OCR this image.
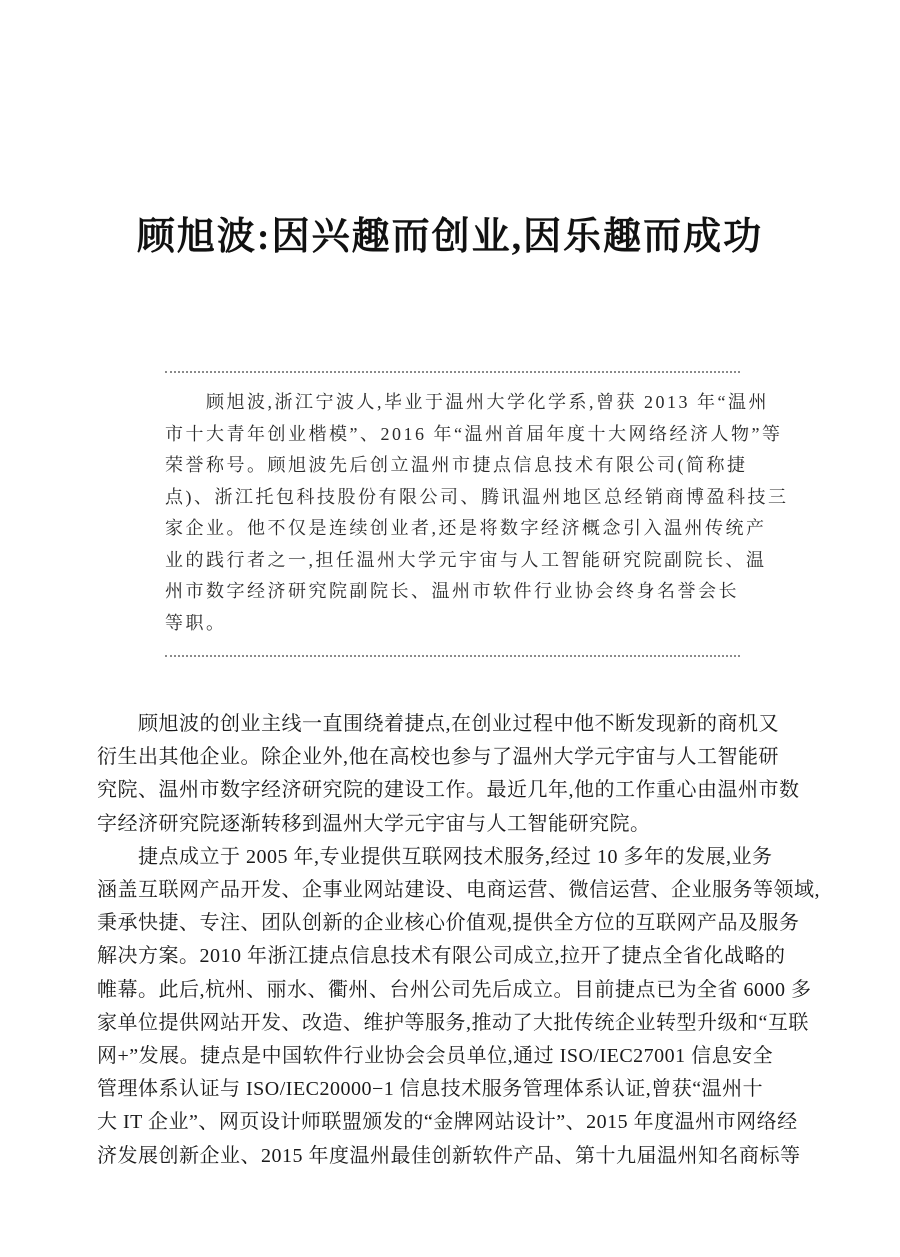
顾旭波:因兴趣而创业,因乐趣而成功
　　顾旭波,浙江宁波人,毕业于温州大学化学系,曾获 2013 年“温州
市十大青年创业楷模”、2016 年“温州首届年度十大网络经济人物”等
荣誉称号。顾旭波先后创立温州市捷点信息技术有限公司(简称捷
点)、浙江托包科技股份有限公司、腾讯温州地区总经销商博盈科技三
家企业。他不仅是连续创业者,还是将数字经济概念引入温州传统产
业的践行者之一,担任温州大学元宇宙与人工智能研究院副院长、温
州市数字经济研究院副院长、温州市软件行业协会终身名誉会长
等职。
　　顾旭波的创业主线一直围绕着捷点,在创业过程中他不断发现新的商机又
衍生出其他企业。除企业外,他在高校也参与了温州大学元宇宙与人工智能研
究院、温州市数字经济研究院的建设工作。最近几年,他的工作重心由温州市数
字经济研究院逐渐转移到温州大学元宇宙与人工智能研究院。
　　捷点成立于 2005 年,专业提供互联网技术服务,经过 10 多年的发展,业务
涵盖互联网产品开发、企事业网站建设、电商运营、微信运营、企业服务等领域,
秉承快捷、专注、团队创新的企业核心价值观,提供全方位的互联网产品及服务
解决方案。2010 年浙江捷点信息技术有限公司成立,拉开了捷点全省化战略的
帷幕。此后,杭州、丽水、衢州、台州公司先后成立。目前捷点已为全省 6000 多
家单位提供网站开发、改造、维护等服务,推动了大批传统企业转型升级和“互联
网+”发展。捷点是中国软件行业协会会员单位,通过 ISO/IEC27001 信息安全
管理体系认证与 ISO/IEC20000−1 信息技术服务管理体系认证,曾获“温州十
大 IT 企业”、网页设计师联盟颁发的“金牌网站设计”、2015 年度温州市网络经
济发展创新企业、2015 年度温州最佳创新软件产品、第十九届温州知名商标等
